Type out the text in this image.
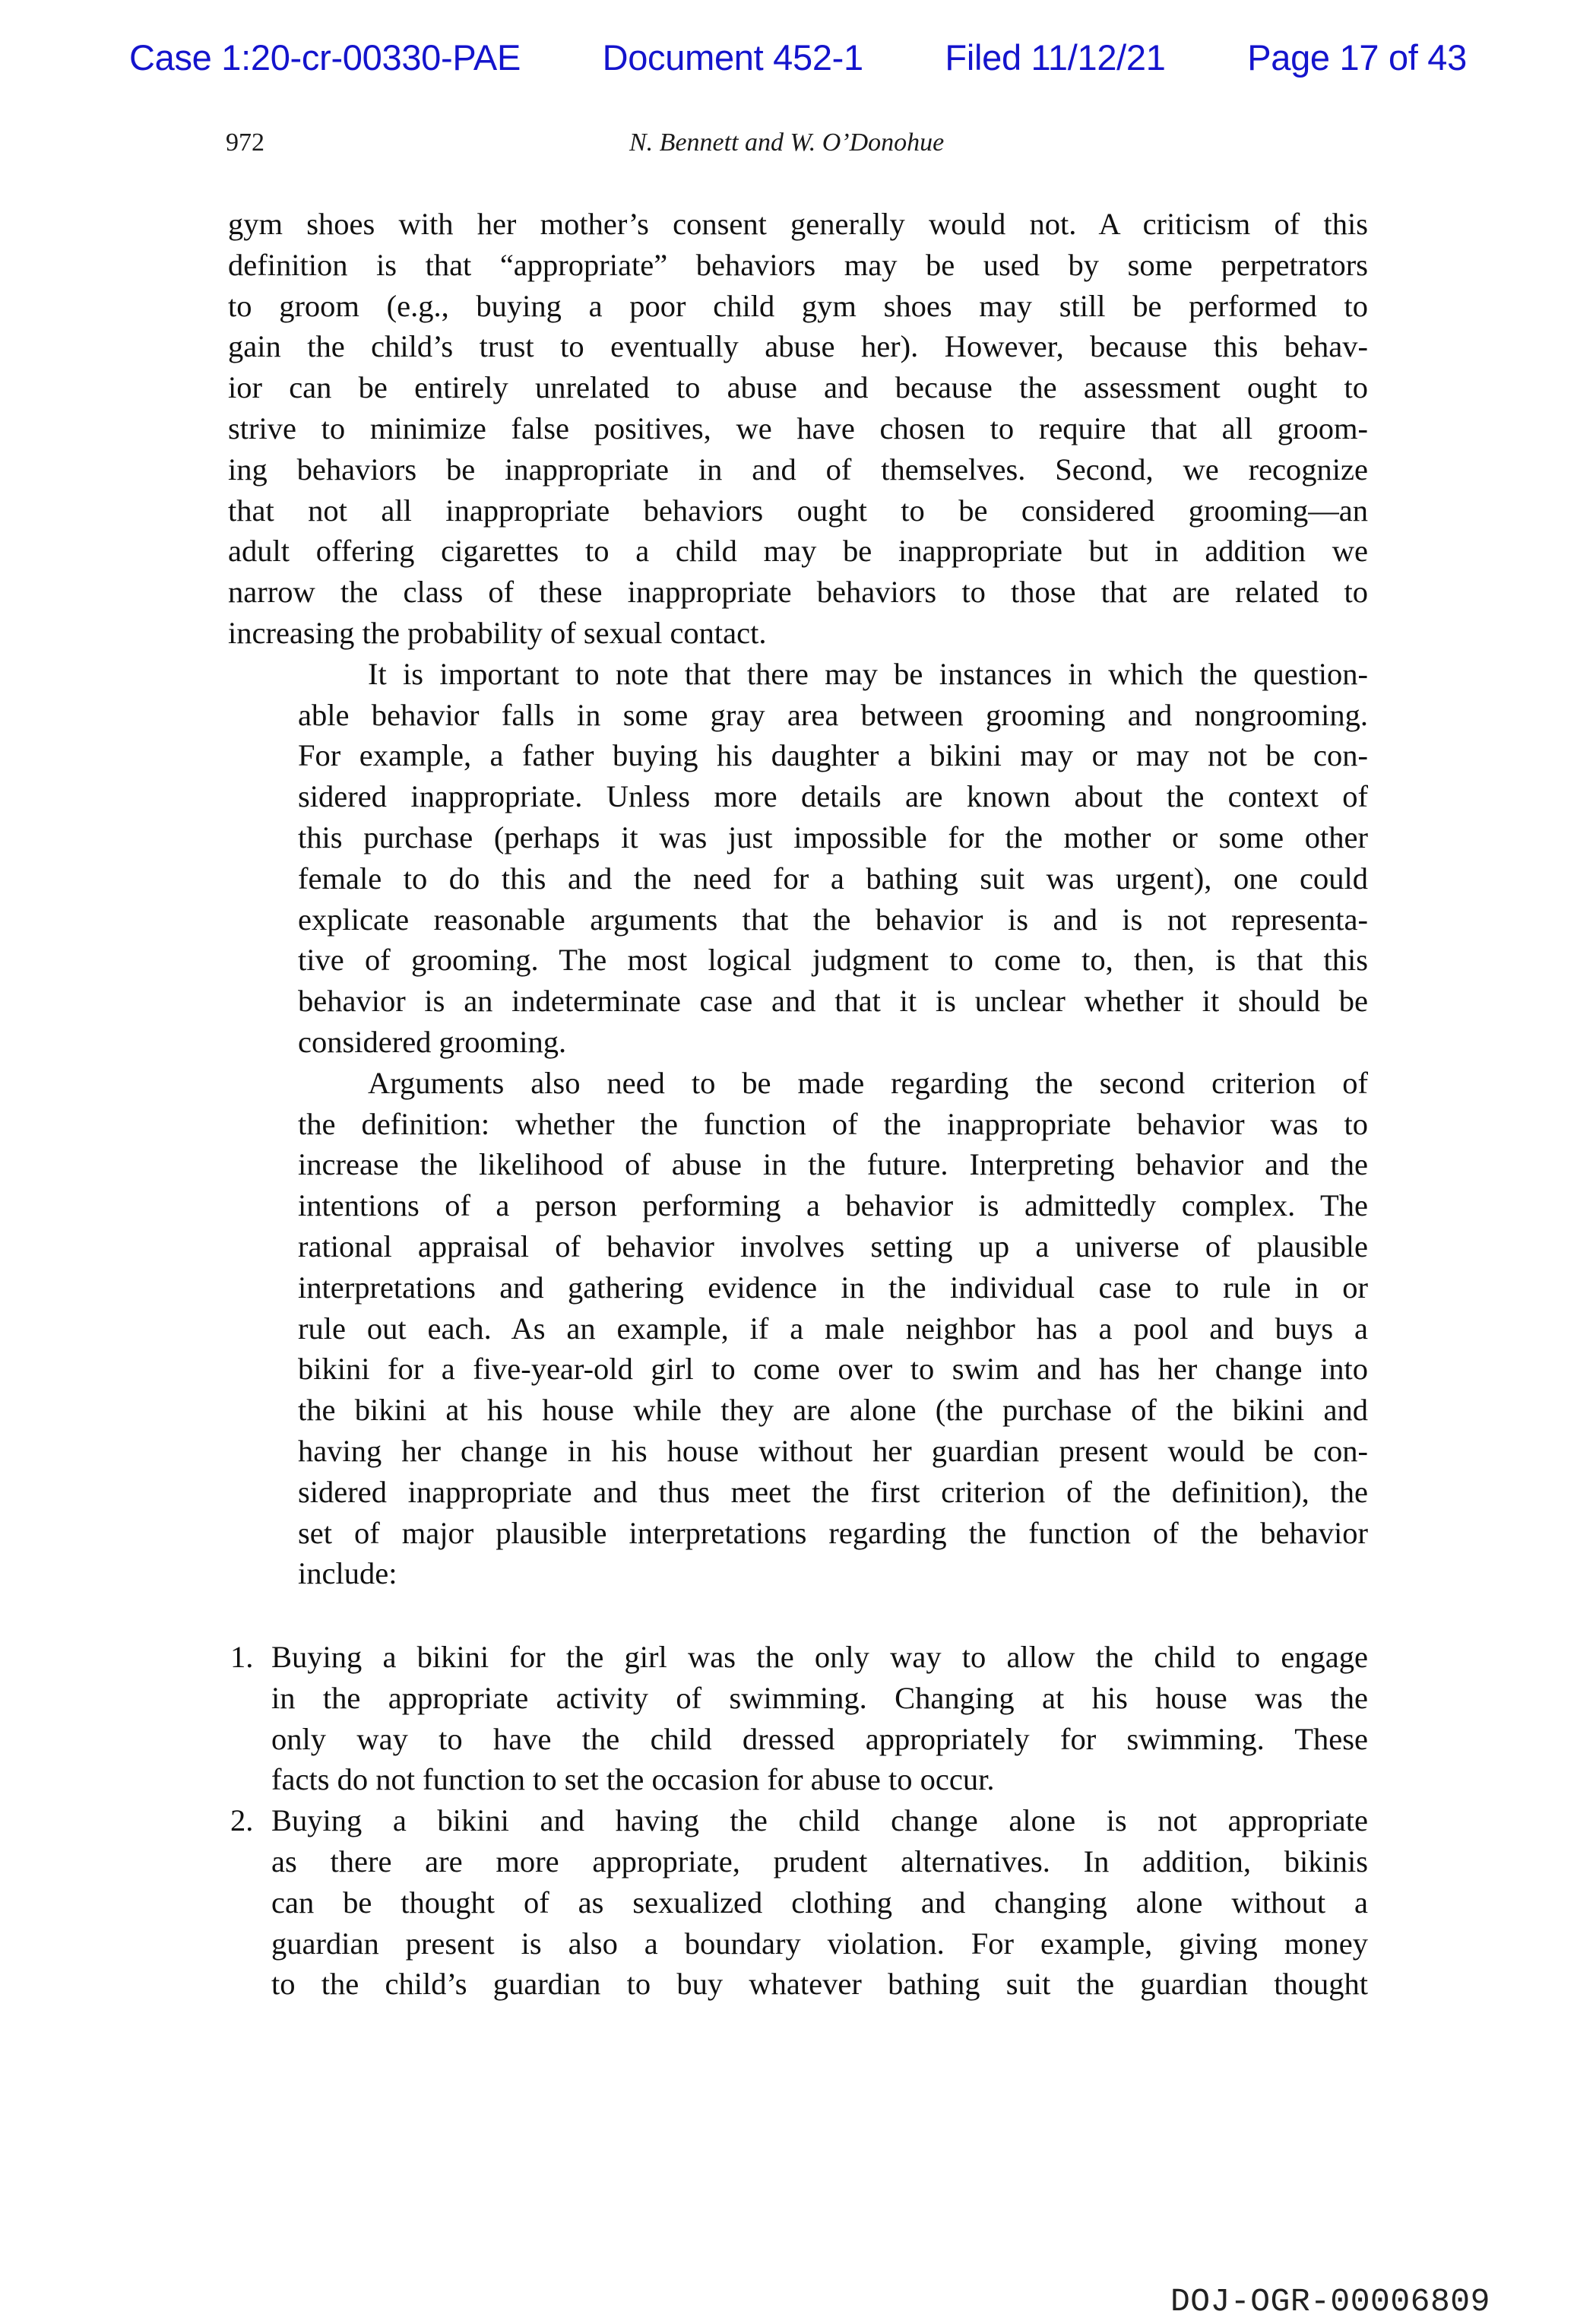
Case 1:20-cr-00330-PAE Document 452-1 Filed 11/12/21 Page 17 of 43
972	N. Bennett and W. O’Donohue

gym shoes with her mother’s consent generally would not. A criticism of this
definition is that “appropriate” behaviors may be used by some perpetrators
to groom (e.g., buying a poor child gym shoes may still be performed to
gain the child’s trust to eventually abuse her). However, because this behav-
ior can be entirely unrelated to abuse and because the assessment ought to
strive to minimize false positives, we have chosen to require that all groom-
ing behaviors be inappropriate in and of themselves. Second, we recognize
that not all inappropriate behaviors ought to be considered grooming—an
adult offering cigarettes to a child may be inappropriate but in addition we
narrow the class of these inappropriate behaviors to those that are related to
increasing the probability of sexual contact.

It is important to note that there may be instances in which the question-
able behavior falls in some gray area between grooming and nongrooming.
For example, a father buying his daughter a bikini may or may not be con-
sidered inappropriate. Unless more details are known about the context of
this purchase (perhaps it was just impossible for the mother or some other
female to do this and the need for a bathing suit was urgent), one could
explicate reasonable arguments that the behavior is and is not representa-
tive of grooming. The most logical judgment to come to, then, is that this
behavior is an indeterminate case and that it is unclear whether it should be
considered grooming.

Arguments also need to be made regarding the second criterion of
the definition: whether the function of the inappropriate behavior was to
increase the likelihood of abuse in the future. Interpreting behavior and the
intentions of a person performing a behavior is admittedly complex. The
rational appraisal of behavior involves setting up a universe of plausible
interpretations and gathering evidence in the individual case to rule in or
rule out each. As an example, if a male neighbor has a pool and buys a
bikini for a five-year-old girl to come over to swim and has her change into
the bikini at his house while they are alone (the purchase of the bikini and
having her change in his house without her guardian present would be con-
sidered inappropriate and thus meet the first criterion of the definition), the
set of major plausible interpretations regarding the function of the behavior
include:

1. Buying a bikini for the girl was the only way to allow the child to engage
in the appropriate activity of swimming. Changing at his house was the
only way to have the child dressed appropriately for swimming. These
facts do not function to set the occasion for abuse to occur.
2. Buying a bikini and having the child change alone is not appropriate
as there are more appropriate, prudent alternatives. In addition, bikinis
can be thought of as sexualized clothing and changing alone without a
guardian present is also a boundary violation. For example, giving money
to the child’s guardian to buy whatever bathing suit the guardian thought
DOJ-OGR-00006809
